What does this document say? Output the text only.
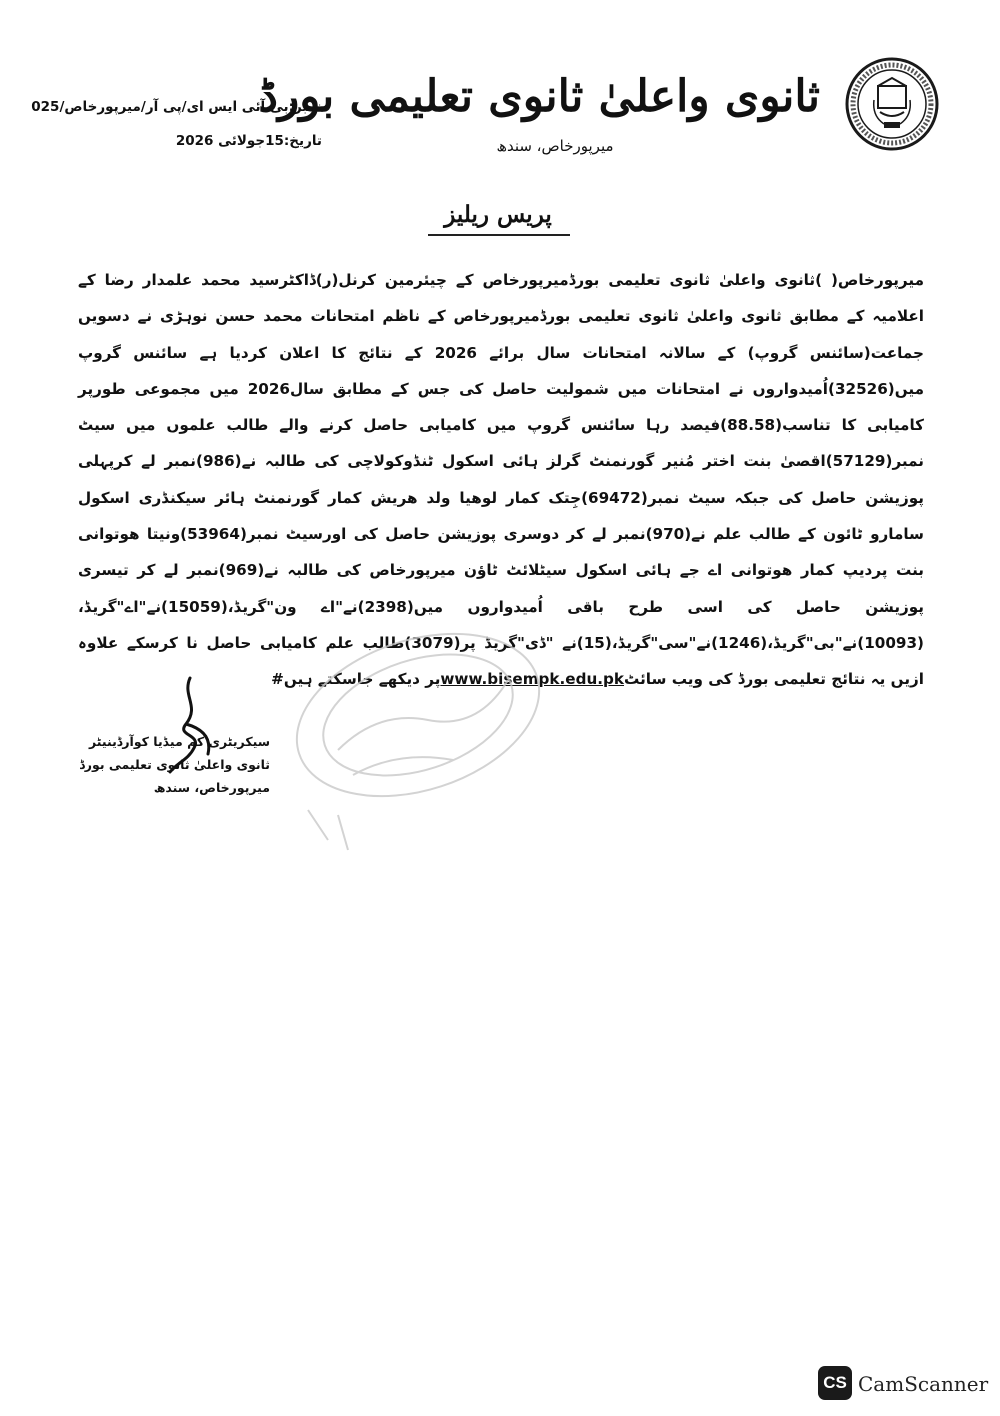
ثانوی واعلیٰ ثانوی تعلیمی بورڈ
میرپورخاص، سندھ
نمبر:بی آئی ایس ای/پی آر/میرپورخاص/025
تاریخ:15جولائی 2026
پریس ریلیز

میرپورخاص( )ثانوی واعلیٰ ثانوی تعلیمی بورڈمیرپورخاص کے چیئرمین کرنل(ر)ڈاکٹرسید محمد علمدار رضا کے اعلامیہ کے مطابق ثانوی واعلیٰ ثانوی تعلیمی بورڈمیرپورخاص کے ناظم امتحانات محمد حسن نوہڑی نے دسویں جماعت(سائنس گروپ) کے سالانہ امتحانات سال برائے 2026 کے نتائج کا اعلان کردیا ہے سائنس گروپ میں(32526)اُمیدواروں نے امتحانات میں شمولیت حاصل کی جس کے مطابق سال2026 میں مجموعی طورپر کامیابی کا تناسب(88.58)فیصد رہا سائنس گروپ میں کامیابی حاصل کرنے والے طالب علموں میں سیٹ نمبر(57129)اقصیٰ بنت اختر مُنیر گورنمنٹ گرلز ہائی اسکول ٹنڈوکولاچی کی طالبہ نے(986)نمبر لے کرپہلی پوزیشن حاصل کی جبکہ سیٹ نمبر(69472)جِتک کمار لوھیا ولد ھریش کمار گورنمنٹ ہائر سیکنڈری اسکول سامارو ٹائون کے طالب علم نے(970)نمبر لے کر دوسری پوزیشن حاصل کی اورسیٹ نمبر(53964)ونیتا ھوتوانی بنت پردیپ کمار ھوتوانی اے جے ہائی اسکول سیٹلائٹ ٹاؤن میرپورخاص کی طالبہ نے(969)نمبر لے کر تیسری پوزیشن حاصل کی اسی طرح باقی اُمیدواروں میں(2398)نے"اے ون"گریڈ،(15059)نے"اے"گریڈ،(10093)نے"بی"گریڈ،(1246)نے"سی"گریڈ،(15)نے "ڈی"گریڈ پر(3079)طالب علم کامیابی حاصل نا کرسکے علاوہ ازیں یہ نتائج تعلیمی بورڈ کی ویب سائٹwww.bisempk.edu.pkپر دیکھے جاسکتے ہیں#

سیکریٹری کم میڈیا کوآرڈینیٹر
ثانوی واعلیٰ ثانوی تعلیمی بورڈ
میرپورخاص، سندھ
CS CamScanner
